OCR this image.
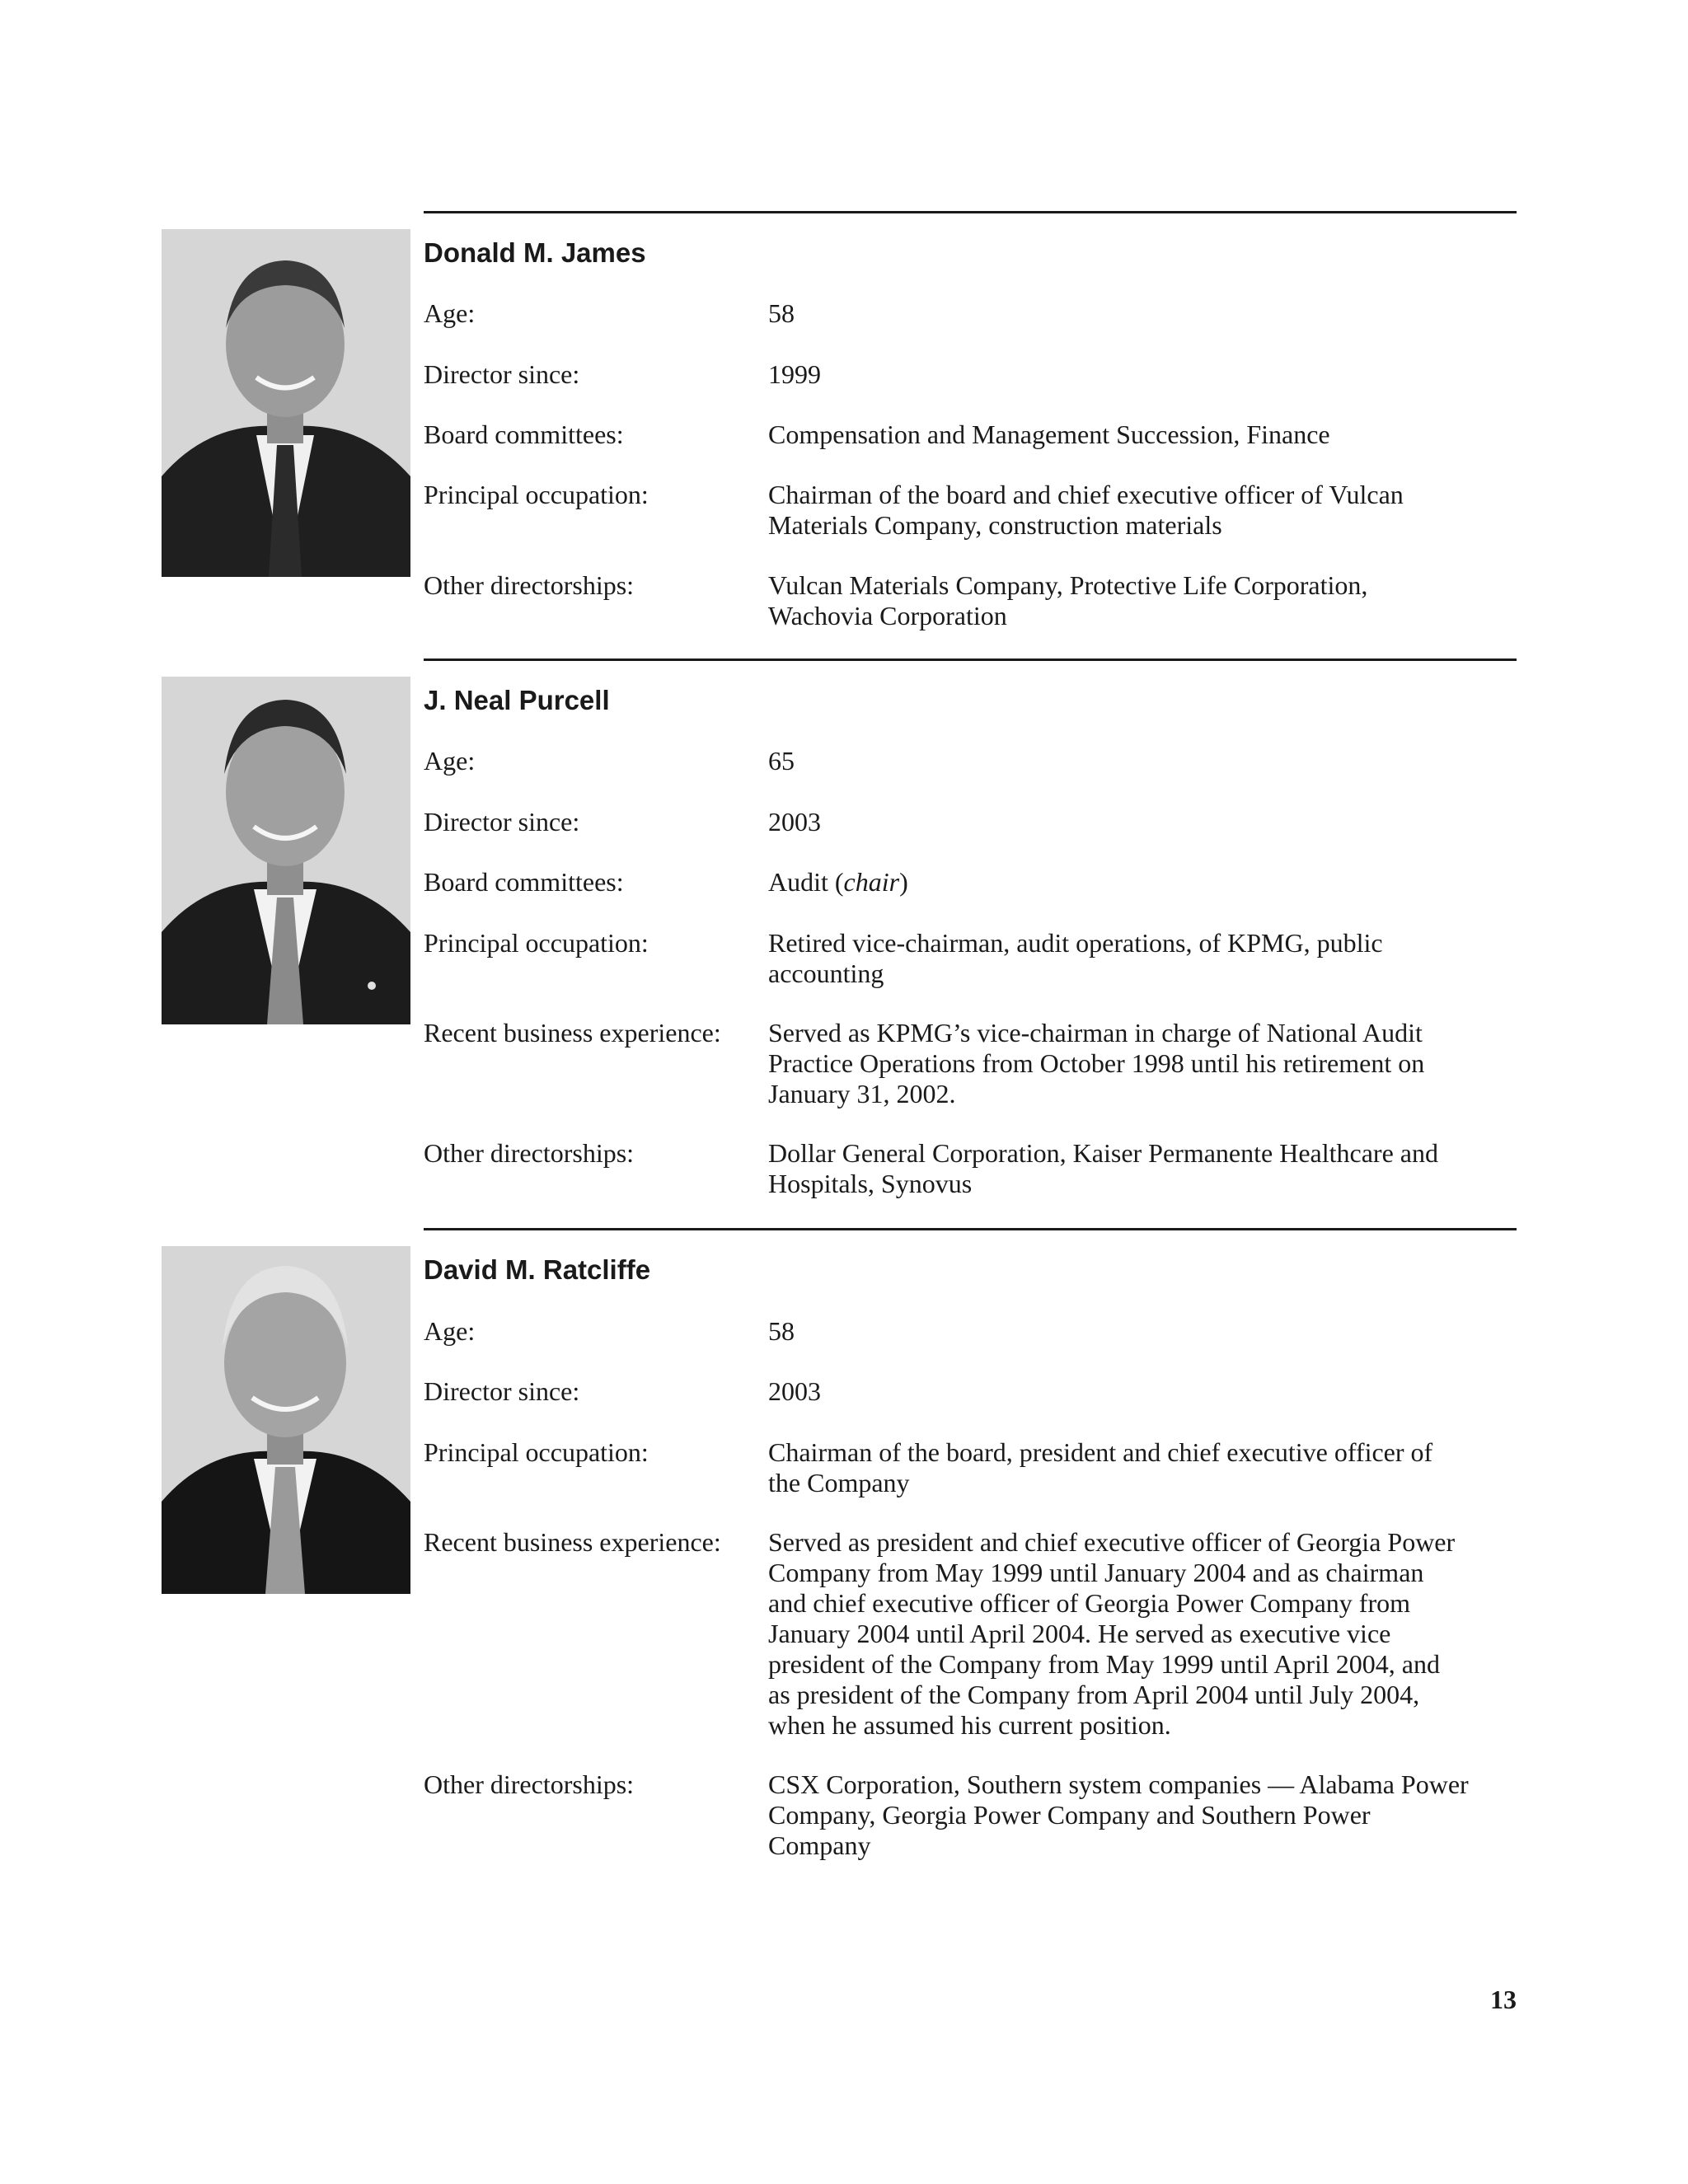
Donald M. James
Age:	58
Director since:	1999
Board committees:	Compensation and Management Succession, Finance
Principal occupation:	Chairman of the board and chief executive officer of Vulcan
Materials Company, construction materials
Other directorships:	Vulcan Materials Company, Protective Life Corporation,
Wachovia Corporation
J. Neal Purcell
Age:	65
Director since:	2003
Board committees:	Audit (chair)
Principal occupation:	Retired vice-chairman, audit operations, of KPMG, public
accounting
Recent business experience: Served as KPMG’s vice-chairman in charge of National Audit
Practice Operations from October 1998 until his retirement on
January 31, 2002.
Other directorships:	Dollar General Corporation, Kaiser Permanente Healthcare and
Hospitals, Synovus
David M. Ratcliffe
Age:	58
Director since:	2003
Principal occupation:	Chairman of the board, president and chief executive officer of
the Company
Recent business experience: Served as president and chief executive officer of Georgia Power
Company from May 1999 until January 2004 and as chairman
and chief executive officer of Georgia Power Company from
January 2004 until April 2004. He served as executive vice
president of the Company from May 1999 until April 2004, and
as president of the Company from April 2004 until July 2004,
when he assumed his current position.
Other directorships:	CSX Corporation, Southern system companies — Alabama Power
Company, Georgia Power Company and Southern Power
Company
13
